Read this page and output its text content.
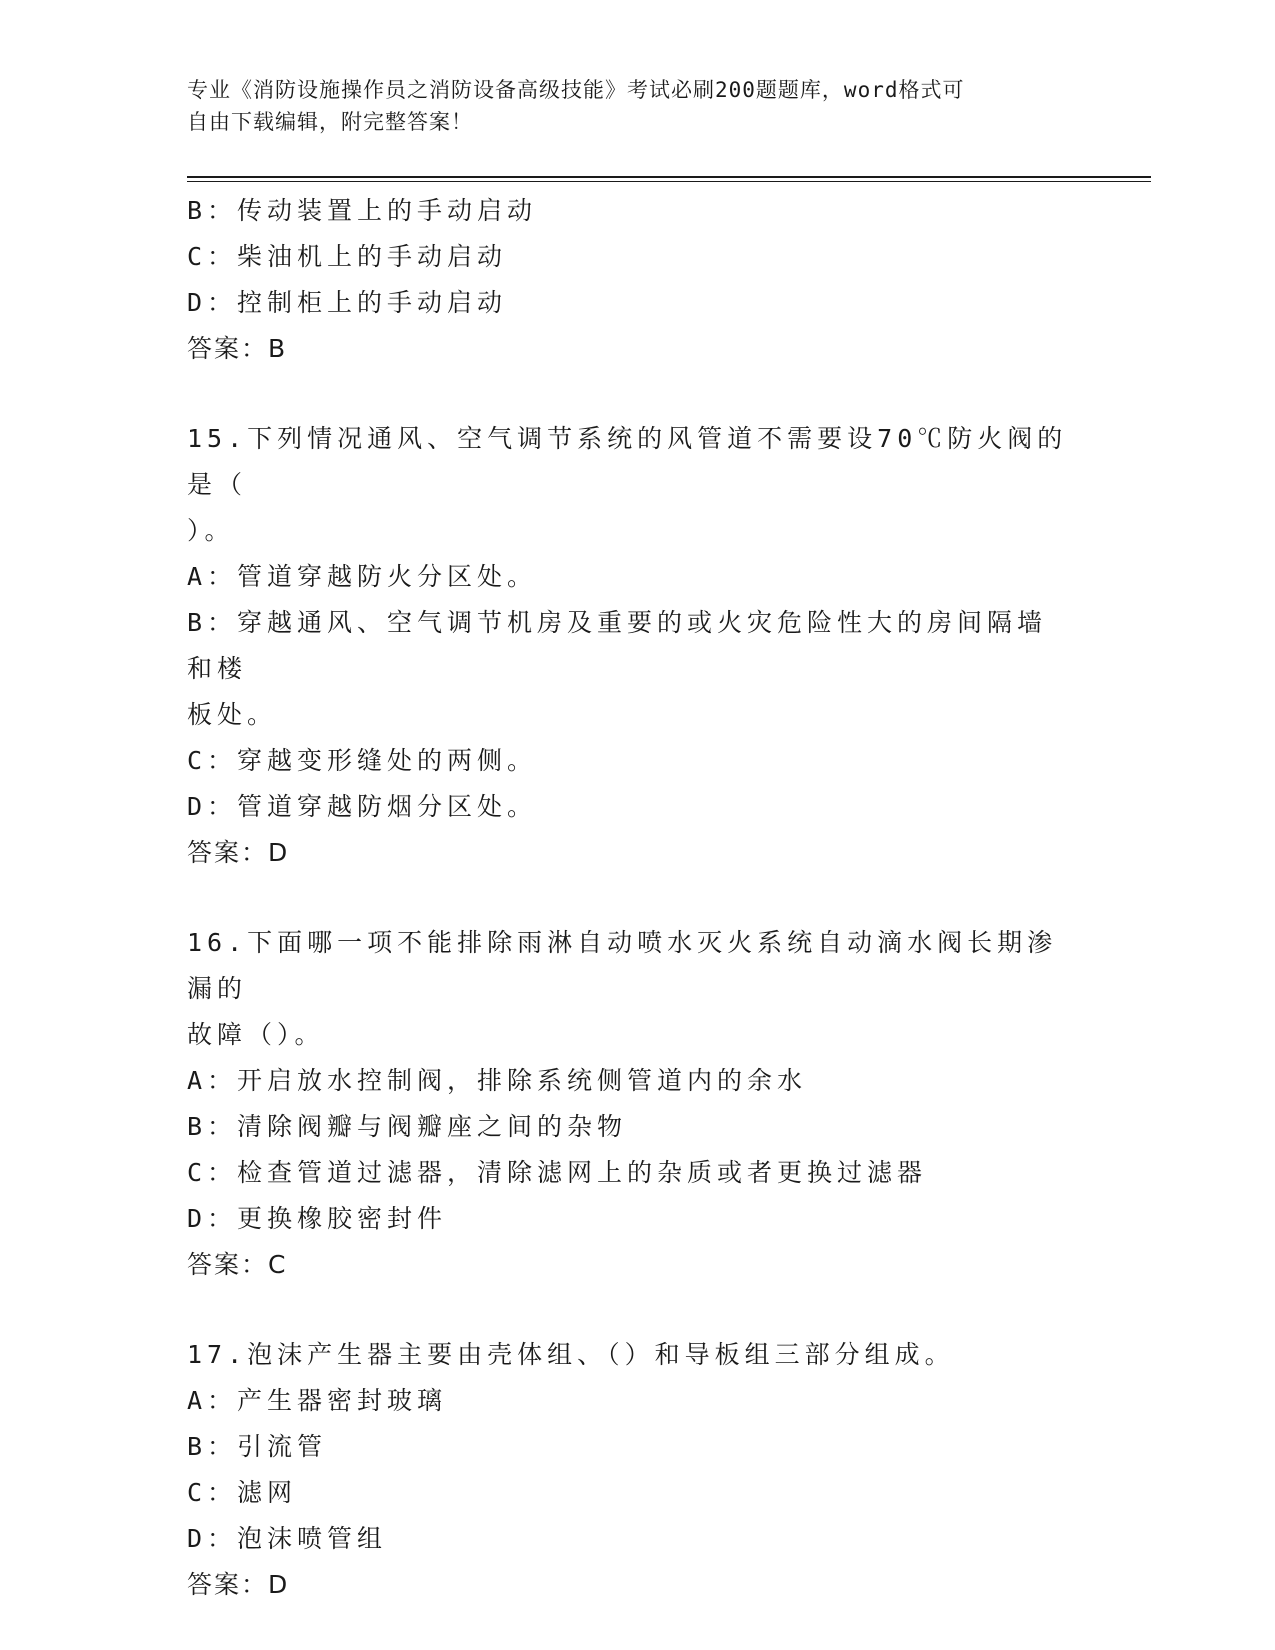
专业《消防设施操作员之消防设备高级技能》考试必刷200题题库，word格式可
自由下载编辑，附完整答案！
B：传动装置上的手动启动
C：柴油机上的手动启动
D：控制柜上的手动启动
答案：B
15.下列情况通风、空气调节系统的风管道不需要设70℃防火阀的是（
）。
A：管道穿越防火分区处。
B：穿越通风、空气调节机房及重要的或火灾危险性大的房间隔墙和楼
板处。
C：穿越变形缝处的两侧。
D：管道穿越防烟分区处。
答案：D
16.下面哪一项不能排除雨淋自动喷水灭火系统自动滴水阀长期渗漏的
故障（）。
A：开启放水控制阀，排除系统侧管道内的余水
B：清除阀瓣与阀瓣座之间的杂物
C：检查管道过滤器，清除滤网上的杂质或者更换过滤器
D：更换橡胶密封件
答案：C
17.泡沫产生器主要由壳体组、（）和导板组三部分组成。
A：产生器密封玻璃
B：引流管
C：滤网
D：泡沫喷管组
答案：D
